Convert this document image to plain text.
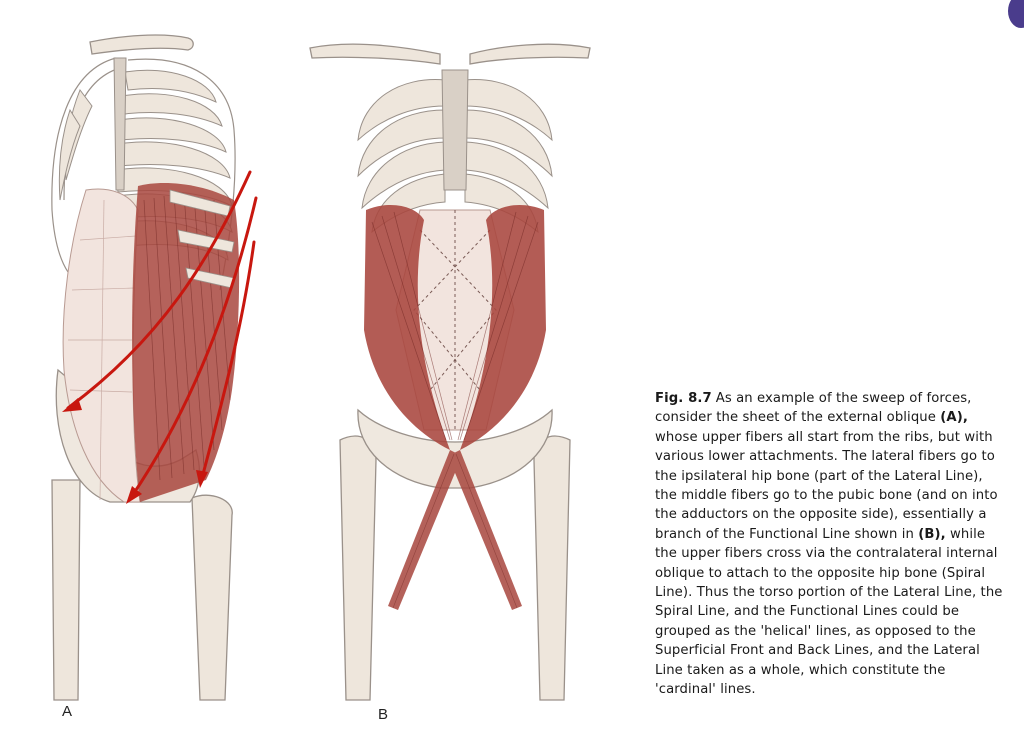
A	B
Fig. 8.7 As an example of the sweep of forces, consider the sheet of the external oblique (A), whose upper fibers all start from the ribs, but with various lower attachments. The lateral fibers go to the ipsilateral hip bone (part of the Lateral Line), the middle fibers go to the pubic bone (and on into the adductors on the opposite side), essentially a branch of the Functional Line shown in (B), while the upper fibers cross via the contralateral internal oblique to attach to the opposite hip bone (Spiral Line). Thus the torso portion of the Lateral Line, the Spiral Line, and the Functional Lines could be grouped as the 'helical' lines, as opposed to the Superficial Front and Back Lines, and the Lateral Line taken as a whole, which constitute the 'cardinal' lines.
